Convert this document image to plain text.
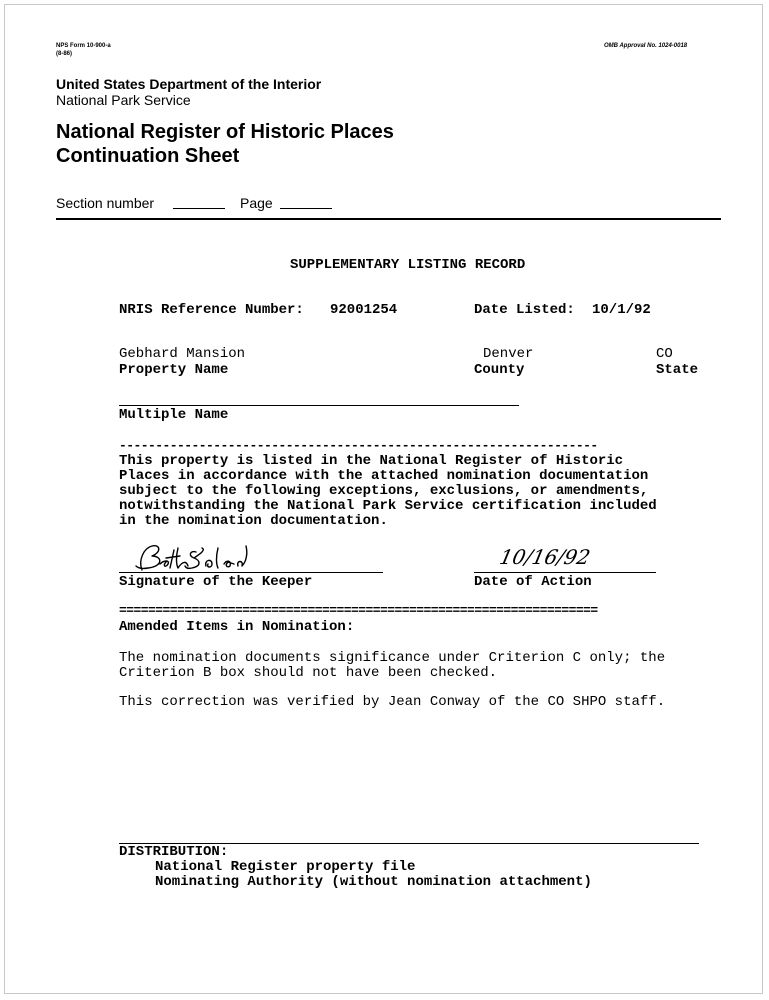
NPS Form 10-900-a
(8-86)
OMB Approval No. 1024-0018
United States Department of the Interior
National Park Service
National Register of Historic Places
Continuation Sheet
Section number	Page
SUPPLEMENTARY LISTING RECORD
NRIS Reference Number: 92001254	Date Listed: 10/1/92
Gebhard Mansion	Denver	CO
Property Name	County	State
Multiple Name
------------------------------------------------------------------
This property is listed in the National Register of Historic
Places in accordance with the attached nomination documentation
subject to the following exceptions, exclusions, or amendments,
notwithstanding the National Park Service certification included
in the nomination documentation.
Signature of the Keeper
10/16/92
Date of Action
==================================================================
Amended Items in Nomination:
The nomination documents significance under Criterion C only; the
Criterion B box should not have been checked.
This correction was verified by Jean Conway of the CO SHPO staff.
DISTRIBUTION:
National Register property file
Nominating Authority (without nomination attachment)
